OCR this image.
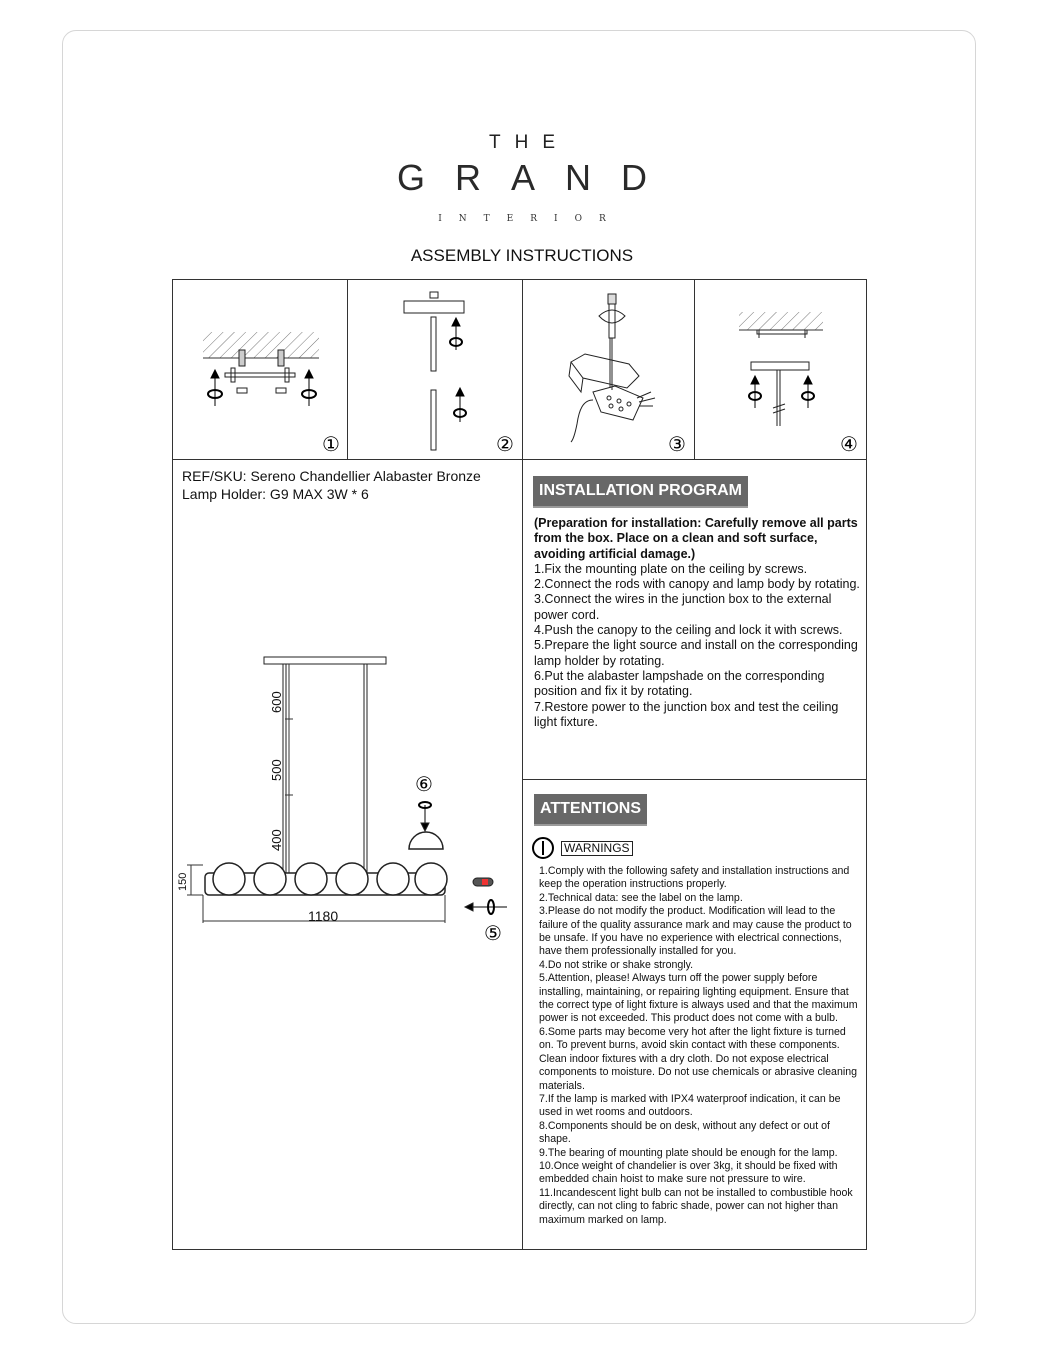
THE
GRAND
INTERIOR
ASSEMBLY INSTRUCTIONS
①	②	③	④
REF/SKU: Sereno Chandellier Alabaster Bronze
Lamp Holder: G9 MAX 3W * 6
600
500
400
150
1180
⑥
⑤
INSTALLATION PROGRAM

(Preparation for installation: Carefully remove all parts from the box. Place on a clean and soft surface, avoiding artificial damage.)

1.Fix the mounting plate on the ceiling by screws.

2.Connect the rods with canopy and lamp body by rotating.

3.Connect the wires in the junction box to the external power cord.

4.Push the canopy to the ceiling and lock it with screws.

5.Prepare the light source and install on the corresponding lamp holder by rotating.

6.Put the alabaster lampshade on the corresponding position and fix it by rotating.

7.Restore power to the junction box and test the ceiling light fixture.

ATTENTIONS
WARNINGS

1.Comply with the following safety and installation instructions and keep the operation instructions properly.

2.Technical data: see the label on the lamp.

3.Please do not modify the product. Modification will lead to the failure of the quality assurance mark and may cause the product to be unsafe. If you have no experience with electrical connections, have them professionally installed for you.

4.Do not strike or shake strongly.

5.Attention, please! Always turn off the power supply before installing, maintaining, or repairing lighting equipment. Ensure that the correct type of light fixture is always used and that the maximum power is not exceeded. This product does not come with a bulb.

6.Some parts may become very hot after the light fixture is turned on. To prevent burns, avoid skin contact with these components. Clean indoor fixtures with a dry cloth. Do not expose electrical components to moisture. Do not use chemicals or abrasive cleaning materials.

7.If the lamp is marked with IPX4 waterproof indication, it can be used in wet rooms and outdoors.

8.Components should be on desk, without any defect or out of shape.

9.The bearing of mounting plate should be enough for the lamp.

10.Once weight of chandelier is over 3kg, it should be fixed with embedded chain hoist to make sure not pressure to wire.

11.Incandescent light bulb can not be installed to combustible hook directly, can not cling to fabric shade, power can not higher than maximum marked on lamp.
